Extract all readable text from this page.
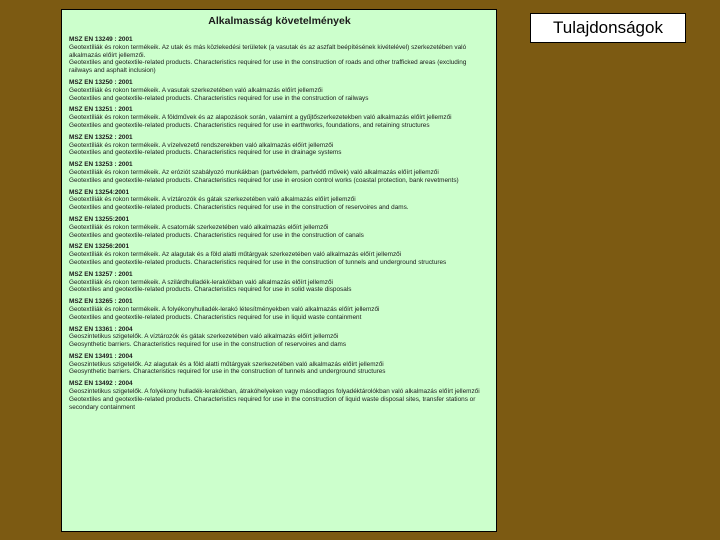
Tulajdonságok
Alkalmasság követelmények
MSZ EN 13249 : 2001
Geotextíliák és rokon termékeik. Az utak és más közlekedési területek (a vasutak és az aszfalt beépítésének kivételével) szerkezetében való alkalmazás előírt jellemzői.
Geotextiles and geotextile-related products. Characteristics required for use in the construction of roads and other trafficked areas (excluding railways and asphalt inclusion)
MSZ EN 13250 : 2001
Geotextíliák és rokon termékeik. A vasutak szerkezetében való alkalmazás előírt jellemzői
Geotextiles and geotextile-related products. Characteristics required for use in the construction of railways
MSZ EN 13251 : 2001
Geotextíliák és rokon termékeik. A földművek és az alapozások során, valamint a gyűjtőszerkezetekben való alkalmazás előírt jellemzői
Geotextiles and geotextile-related products. Characteristics required for use in earthworks, foundations, and retaining structures
MSZ EN 13252 : 2001
Geotextíliák és rokon termékeik. A vízelvezető rendszerekben való alkalmazás előírt jellemzői
Geotextiles and geotextile-related products. Characteristics required for use in drainage systems
MSZ EN 13253 : 2001
Geotextíliák és rokon termékeik. Az eróziót szabályozó munkákban (partvédelem, partvédő művek) való alkalmazás előírt jellemzői
Geotextiles and geotextile-related products. Characteristics required for use in erosion control works (coastal protection, bank revetments)
MSZ EN 13254:2001
Geotextíliák és rokon termékeik. A víztározók és gátak szerkezetében való alkalmazás előírt jellemzői
Geotextiles and geotextile-related products. Characteristics required for use in the construction of reservoires and dams.
MSZ EN 13255:2001
Geotextíliák és rokon termékeik. A csatornák szerkezetében való alkalmazás előírt jellemzői
Geotextiles and geotextile-related products. Characteristics required for use in the construction of canals
MSZ EN 13256:2001
Geotextíliák és rokon termékeik. Az alagutak és a föld alatti műtárgyak szerkezetében való alkalmazás előírt jellemzői
Geotextiles and geotextile-related products. Characteristics required for use in the construction of tunnels and underground structures
MSZ EN 13257 : 2001
Geotextíliák és rokon termékeik. A szilárdhulladék-lerakókban való alkalmazás előírt jellemzői
Geotextiles and geotextile-related products. Characteristics required for use in solid waste disposals
MSZ EN 13265 : 2001
Geotextíliák és rokon termékeik. A folyékonyhulladék-lerakó létesítményekben való alkalmazás előírt jellemzői
Geotextiles and geotextile-related products. Characteristics required for use in liquid waste containment
MSZ EN 13361 : 2004
Geoszintetikus szigetelők. A víztározók és gátak szerkezetében való alkalmazás előírt jellemzői
Geosynthetic barriers. Characteristics required for use in the construction of reservoires and dams
MSZ EN 13491 : 2004
Geoszintetikus szigetelők. Az alagutak és a föld alatti műtárgyak szerkezetében való alkalmazás előírt jellemzői
Geosynthetic barriers. Characteristics required for use in the construction of tunnels and underground structures
MSZ EN 13492 : 2004
Geoszintetikus szigetelők. A folyékony hulladék-lerakókban, átrakóhelyeken vagy másodlagos folyadéktárolókban való alkalmazás előírt jellemzői
Geotextiles and geotextile-related products. Characteristics required for use in the construction of liquid waste disposal sites, transfer stations or secondary containment
